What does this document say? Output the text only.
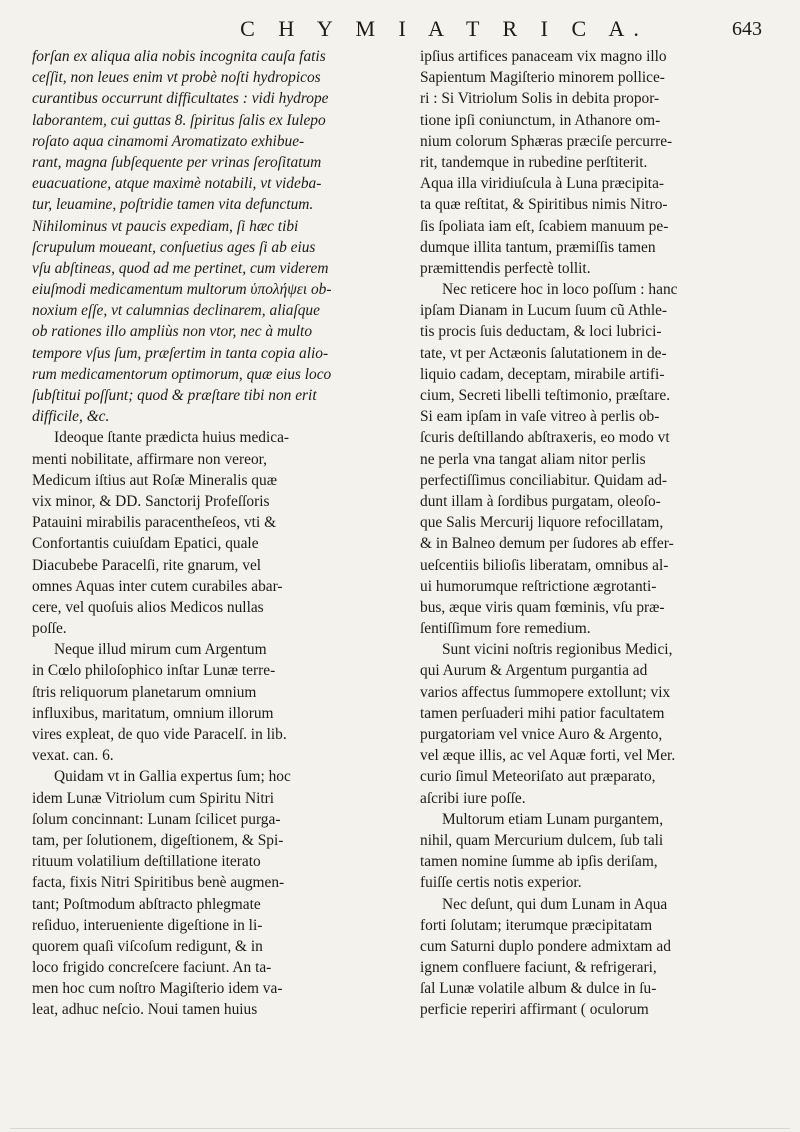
C H Y M I A T R I C A.	643
forſan ex aliqua alia nobis incognita cauſa fatis
ceſſit, non leues enim vt probè noſti hydropicos
curantibus occurrunt difficultates : vidi hydrope
laborantem, cui guttas 8. ſpiritus ſalis ex Iulepo
roſato aqua cinamomi Aromatizato exhibue-
rant, magna ſubſequente per vrinas ſeroſitatum
euacuatione, atque maximè notabili, vt videba-
tur, leuamine, poſtridie tamen vita defunctum.
Nihilominus vt paucis expediam, ſi hæc tibi
ſcrupulum moueant, conſuetius ages ſi ab eius
vſu abſtineas, quod ad me pertinet, cum viderem
eiuſmodi medicamentum multorum ὑπολήψει ob-
noxium eſſe, vt calumnias declinarem, aliaſque
ob rationes illo ampliùs non vtor, nec à multo
tempore vſus ſum, præſertim in tanta copia alio-
rum medicamentorum optimorum, quæ eius loco
ſubſtitui poſſunt; quod & præſtare tibi non erit
difficile, &c.
Ideoque ſtante prædicta huius medica-
menti nobilitate, affirmare non vereor,
Medicum iſtius aut Roſæ Mineralis quæ
vix minor, & DD. Sanctorij Profeſſoris
Patauini mirabilis paracentheſeos, vti &
Confortantis cuiuſdam Epatici, quale
Diacubebe Paracelſi, rite gnarum, vel
omnes Aquas inter cutem curabiles abar-
cere, vel quoſuis alios Medicos nullas
poſſe.
Neque illud mirum cum Argentum
in Cœlo philoſophico inſtar Lunæ terre-
ſtris reliquorum planetarum omnium
influxibus, maritatum, omnium illorum
vires expleat, de quo vide Paracelſ. in lib.
vexat. can. 6.
Quidam vt in Gallia expertus ſum; hoc
idem Lunæ Vitriolum cum Spiritu Nitri
ſolum concinnant: Lunam ſcilicet purga-
tam, per ſolutionem, digeſtionem, & Spi-
rituum volatilium deſtillatione iterato
facta, fixis Nitri Spiritibus benè augmen-
tant; Poſtmodum abſtracto phlegmate
reſiduo, interueniente digeſtione in li-
quorem quaſi viſcoſum redigunt, & in
loco frigido concreſcere faciunt. An ta-
men hoc cum noſtro Magiſterio idem va-
leat, adhuc neſcio. Noui tamen huius
ipſius artifices panaceam vix magno illo
Sapientum Magiſterio minorem pollice-
ri : Si Vitriolum Solis in debita propor-
tione ipſi coniunctum, in Athanore om-
nium colorum Sphæras præciſe percurre-
rit, tandemque in rubedine perſtiterit.
Aqua illa viridiuſcula à Luna præcipita-
ta quæ reſtitat, & Spiritibus nimis Nitro-
ſis ſpoliata iam eſt, ſcabiem manuum pe-
dumque illita tantum, præmiſſis tamen
præmittendis perfectè tollit.
Nec reticere hoc in loco poſſum : hanc
ipſam Dianam in Lucum ſuum cũ Athle-
tis procis ſuis deductam, & loci lubrici-
tate, vt per Actæonis ſalutationem in de-
liquio cadam, deceptam, mirabile artifi-
cium, Secreti libelli teſtimonio, præſtare.
Si eam ipſam in vaſe vitreo à perlis ob-
ſcuris deſtillando abſtraxeris, eo modo vt
ne perla vna tangat aliam nitor perlis
perfectiſſimus conciliabitur. Quidam ad-
dunt illam à ſordibus purgatam, oleoſo-
que Salis Mercurij liquore refocillatam,
& in Balneo demum per ſudores ab effer-
ueſcentiis bilioſis liberatam, omnibus al-
ui humorumque reſtrictione ægrotanti-
bus, æque viris quam fœminis, vſu præ-
ſentiſſimum fore remedium.
Sunt vicini noſtris regionibus Medici,
qui Aurum & Argentum purgantia ad
varios affectus ſummopere extollunt; vix
tamen perſuaderi mihi patior facultatem
purgatoriam vel vnice Auro & Argento,
vel æque illis, ac vel Aquæ forti, vel Mer.
curio ſimul Meteoriſato aut præparato,
aſcribi iure poſſe.
Multorum etiam Lunam purgantem,
nihil, quam Mercurium dulcem, ſub tali
tamen nomine ſumme ab ipſis deriſam,
fuiſſe certis notis experior.
Nec deſunt, qui dum Lunam in Aqua
forti ſolutam; iterumque præcipitatam
cum Saturni duplo pondere admixtam ad
ignem confluere faciunt, & refrigerari,
ſal Lunæ volatile album & dulce in ſu-
perficie reperiri affirmant ( oculorum
